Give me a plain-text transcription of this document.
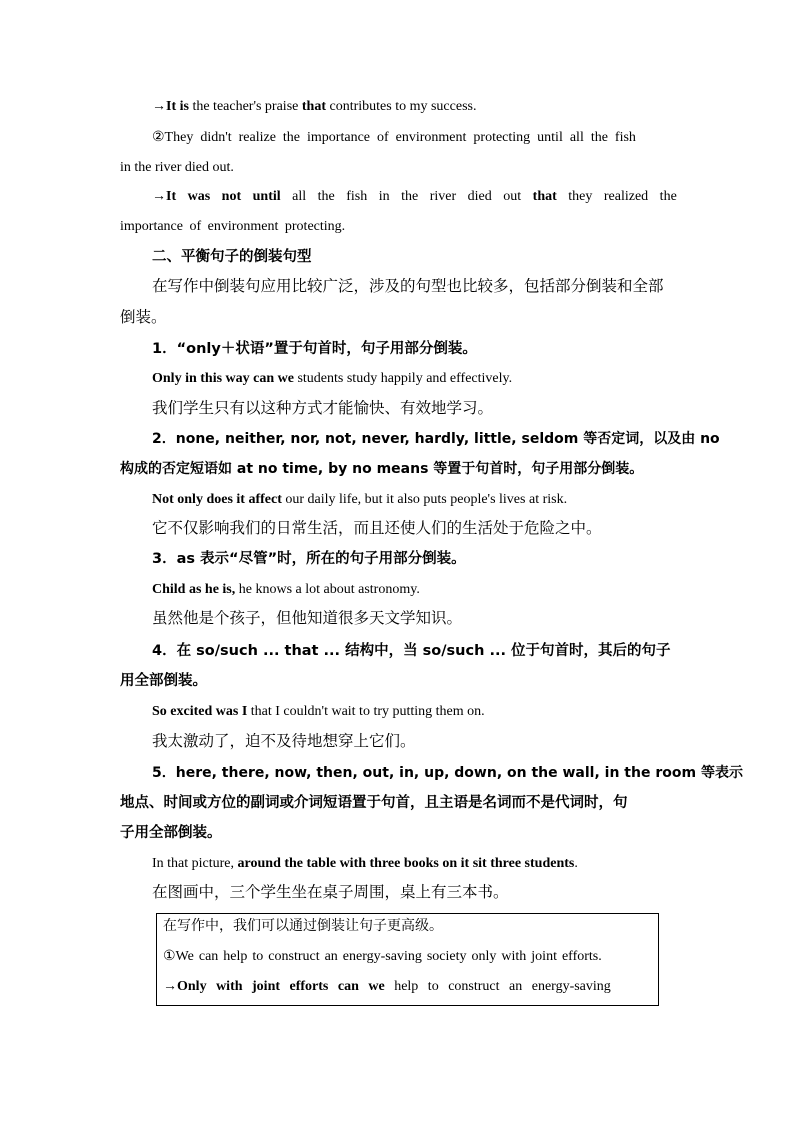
→It is the teacher's praise that contributes to my success.
②They didn't realize the importance of environment protecting until all the fish
in the river died out.
→It was not until all the fish in the river died out that they realized the
importance of environment protecting.
二、平衡句子的倒装句型
在写作中倒装句应用比较广泛，涉及的句型也比较多，包括部分倒装和全部
倒装。
1．“only＋状语”置于句首时，句子用部分倒装。
Only in this way can we students study happily and effectively.
我们学生只有以这种方式才能愉快、有效地学习。
2．none, neither, nor, not, never, hardly, little, seldom 等否定词，以及由 no
构成的否定短语如 at no time, by no means 等置于句首时，句子用部分倒装。
Not only does it affect our daily life, but it also puts people's lives at risk.
它不仅影响我们的日常生活，而且还使人们的生活处于危险之中。
3．as 表示“尽管”时，所在的句子用部分倒装。
Child as he is, he knows a lot about astronomy.
虽然他是个孩子，但他知道很多天文学知识。
4．在 so/such ... that ... 结构中，当 so/such ... 位于句首时，其后的句子
用全部倒装。
So excited was I that I couldn't wait to try putting them on.
我太激动了，迫不及待地想穿上它们。
5．here, there, now, then, out, in, up, down, on the wall, in the room 等表示
地点、时间或方位的副词或介词短语置于句首，且主语是名词而不是代词时，句
子用全部倒装。
In that picture, around the table with three books on it sit three students.
在图画中，三个学生坐在桌子周围，桌上有三本书。
在写作中，我们可以通过倒装让句子更高级。
①We can help to construct an energy-saving society only with joint efforts.
→Only with joint efforts can we help to construct an energy-saving
